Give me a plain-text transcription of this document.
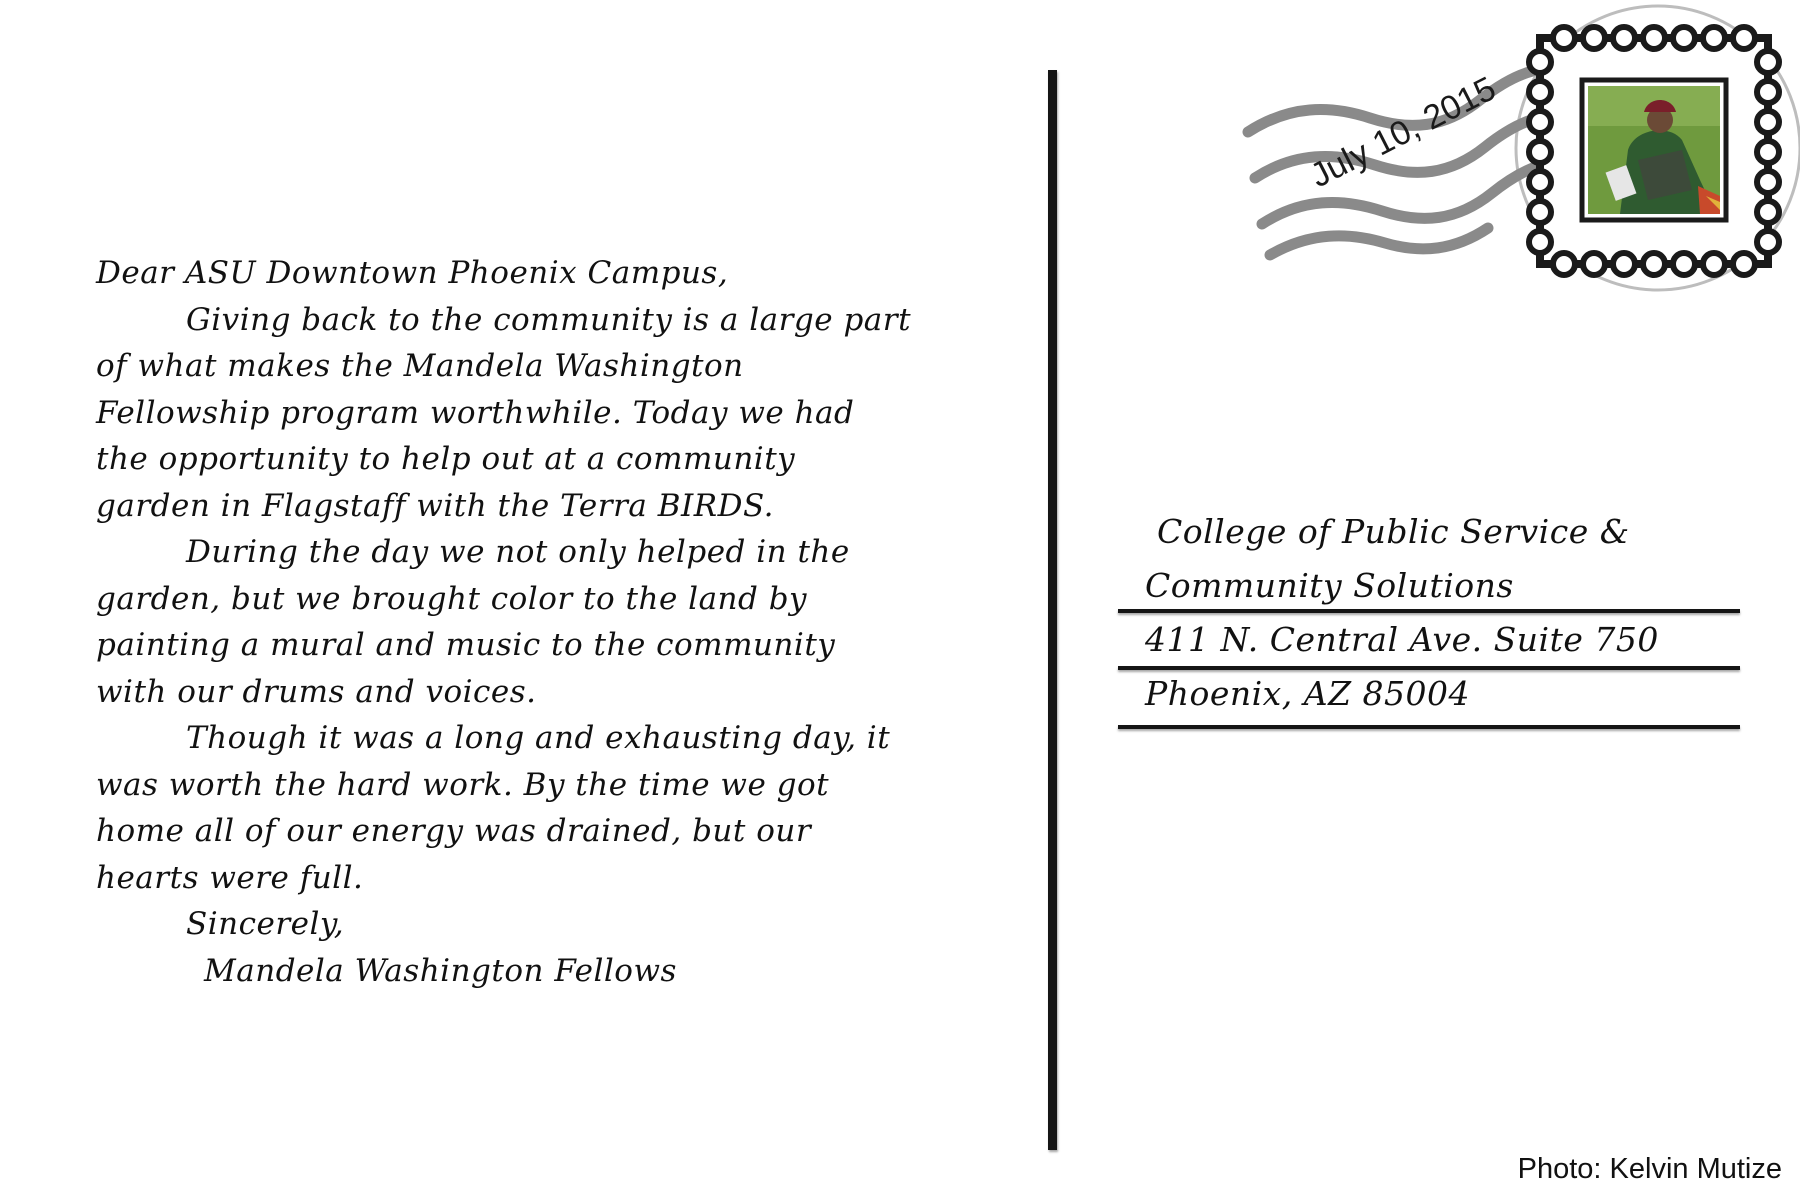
Dear ASU Downtown Phoenix Campus,
Giving back to the community is a large part
of what makes the Mandela Washington
Fellowship program worthwhile. Today we had
the opportunity to help out at a community
garden in Flagstaff with the Terra BIRDS.
During the day we not only helped in the
garden, but we brought color to the land by
painting a mural and music to the community
with our drums and voices.
Though it was a long and exhausting day, it
was worth the hard work. By the time we got
home all of our energy was drained, but our
hearts were full.
Sincerely,
Mandela Washington Fellows
July 10, 2015
College of Public Service &
Community Solutions
411 N. Central Ave. Suite 750
Phoenix, AZ 85004
Photo: Kelvin Mutize
